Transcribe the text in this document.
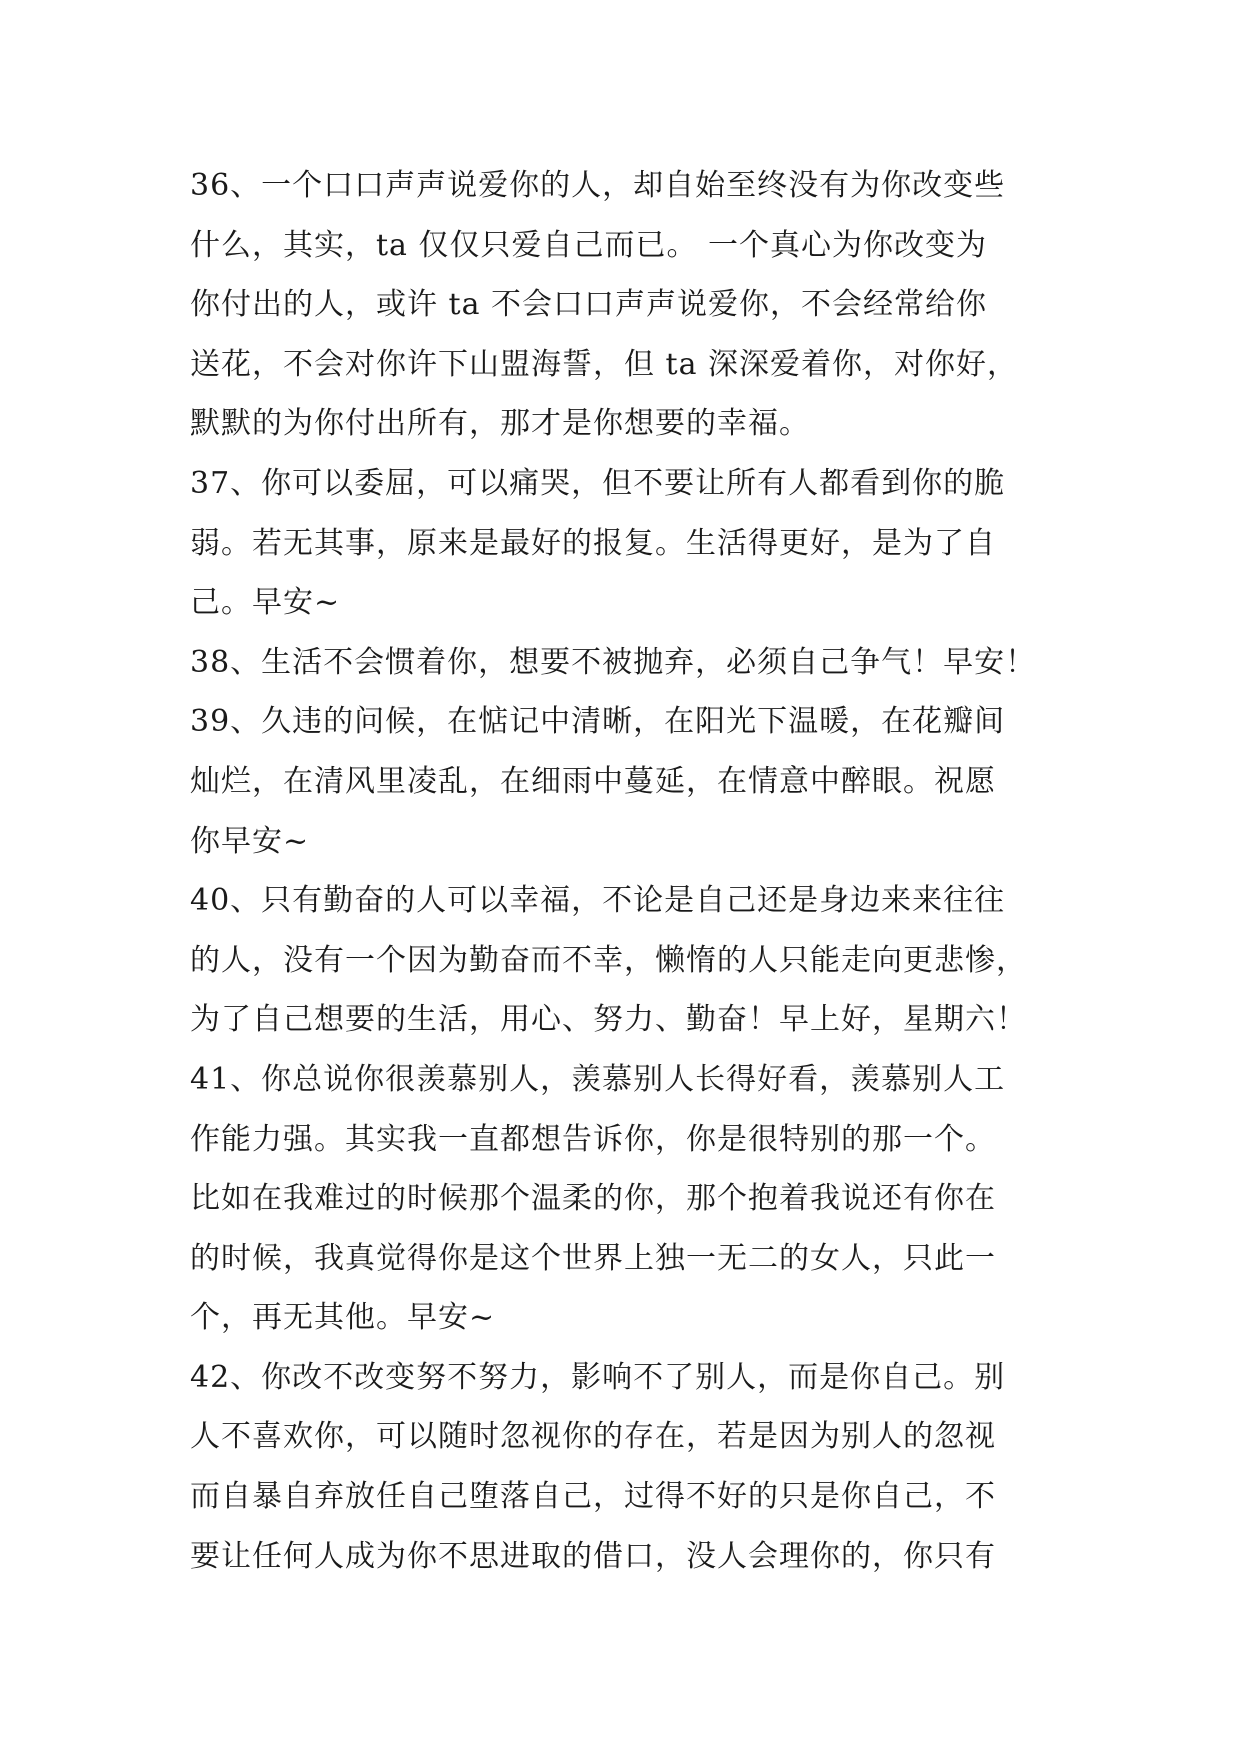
36、一个口口声声说爱你的人，却自始至终没有为你改变些

什么，其实，ta 仅仅只爱自己而已。 一个真心为你改变为

你付出的人，或许 ta 不会口口声声说爱你，不会经常给你

送花，不会对你许下山盟海誓，但 ta 深深爱着你，对你好，

默默的为你付出所有，那才是你想要的幸福。

37、你可以委屈，可以痛哭，但不要让所有人都看到你的脆

弱。若无其事，原来是最好的报复。生活得更好，是为了自

己。早安~

38、生活不会惯着你，想要不被抛弃，必须自己争气！早安！

39、久违的问候，在惦记中清晰，在阳光下温暖，在花瓣间

灿烂，在清风里凌乱，在细雨中蔓延，在情意中醉眼。祝愿

你早安~

40、只有勤奋的人可以幸福，不论是自己还是身边来来往往

的人，没有一个因为勤奋而不幸，懒惰的人只能走向更悲惨，

为了自己想要的生活，用心、努力、勤奋！早上好，星期六！

41、你总说你很羡慕别人，羡慕别人长得好看，羡慕别人工

作能力强。其实我一直都想告诉你，你是很特别的那一个。

比如在我难过的时候那个温柔的你，那个抱着我说还有你在

的时候，我真觉得你是这个世界上独一无二的女人，只此一

个，再无其他。早安~

42、你改不改变努不努力，影响不了别人，而是你自己。别

人不喜欢你，可以随时忽视你的存在，若是因为别人的忽视

而自暴自弃放任自己堕落自己，过得不好的只是你自己，不

要让任何人成为你不思进取的借口，没人会理你的，你只有
